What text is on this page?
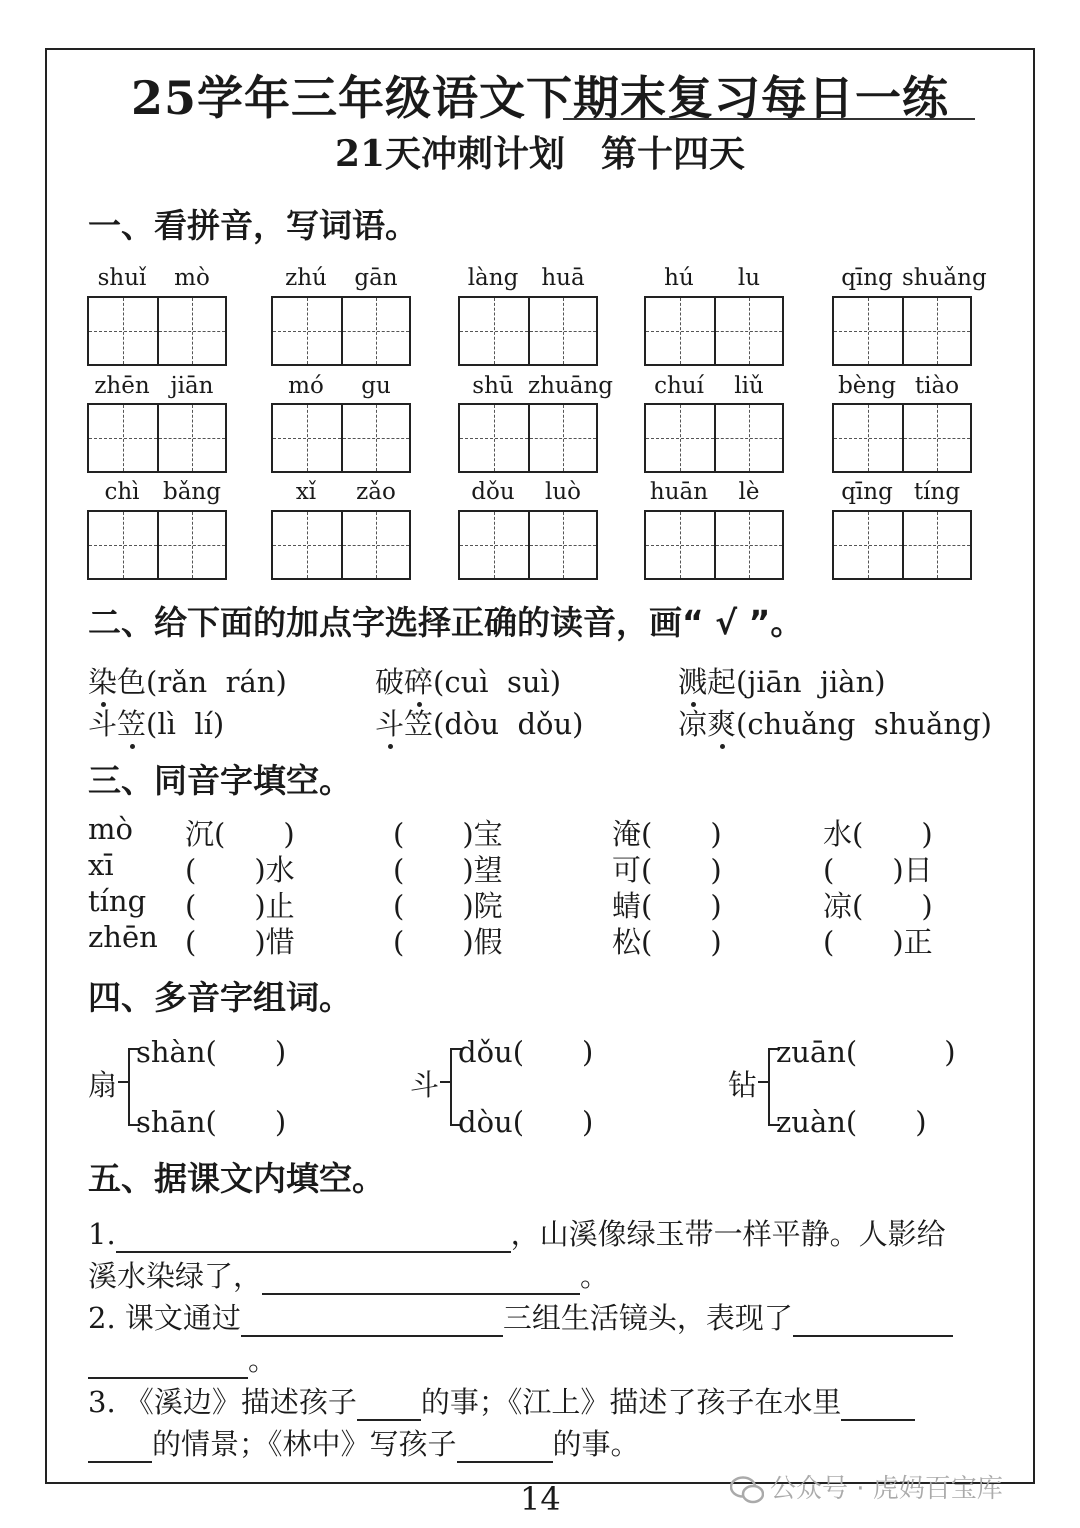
25学年三年级语文下期末复习每日一练
21天冲刺计划　第十四天
一、看拼音，写词语。
shuǐ	mò	zhú	gān	làng	huā	hú	lu	qīng shuǎng
zhēn jiān	mó	gu	shū zhuāng	chuí	liǔ	bèng tiào
chì	bǎng	xǐ	zǎo	dǒu	luò	huān	lè	qīng tíng
二、给下面的加点字选择正确的读音，画“ √ ”。
染色(rǎn  rán)	破碎(cuì  suì)	溅起(jiān  jiàn)
斗笠(lì  lí)	斗笠(dòu  dǒu)	凉爽(chuǎng  shuǎng)
三、同音字填空。
mò 沉(　　)	(　　)宝	淹(　　)	水(　　)
xī (　　)水	(　　)望	可(　　)	(　　)日
tíng (　　)止	(　　)院	蜻(　　)	凉(　　)
zhēn (　　)惜	(　　)假	松(　　)	(　　)正
四、多音字组词。
扇
shàn(　　)
shān(　　)
斗
dǒu(　　)
dòu(　　)
钻
zuān(　　　)
zuàn(　　)
五、据课文内填空。
1.	，山溪像绿玉带一样平静。人影给
溪水染绿了，	。
2. 课文通过	三组生活镜头，表现了
。
3. 《溪边》描述孩子 的事；《江上》描述了孩子在水里
的情景；《林中》写孩子	的事。
14	公众号 · 虎妈百宝库
